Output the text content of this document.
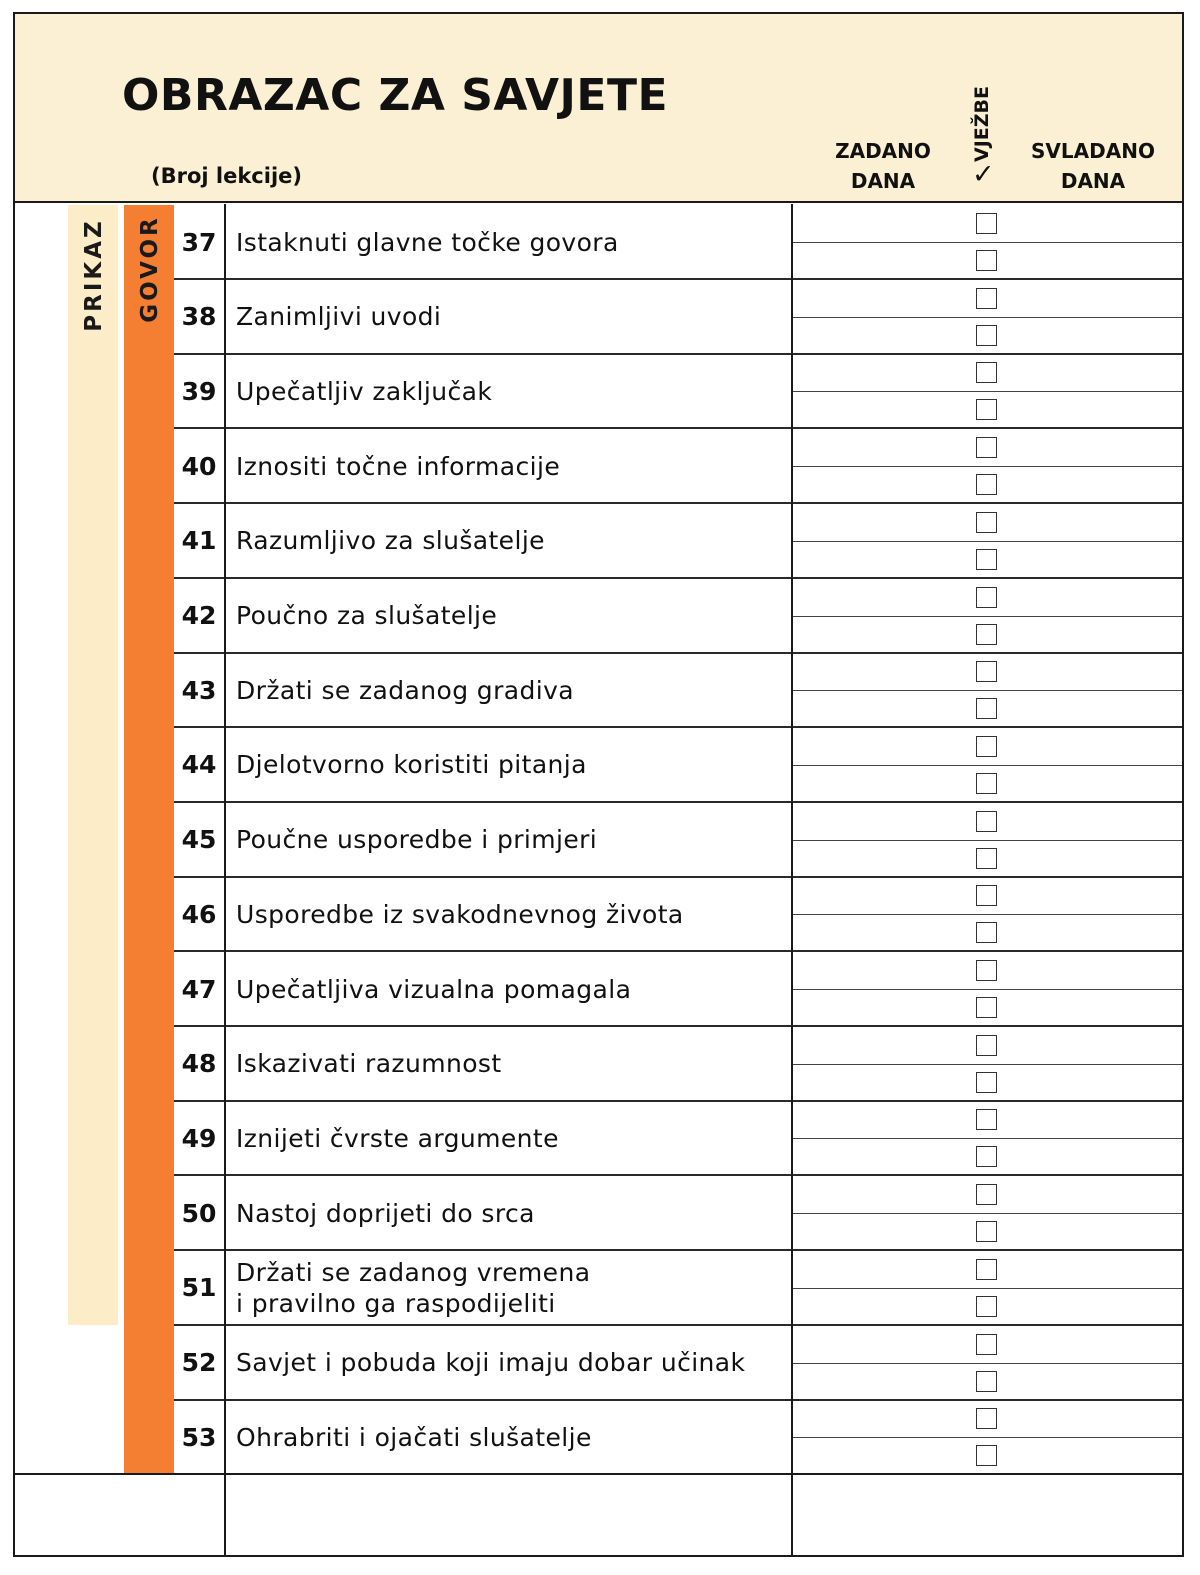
OBRAZAC ZA SAVJETE
(Broj lekcije)
ZADANO
DANA
SVLADANO
DANA
VJEŽBE
✓
PRIKAZ GOVOR 37 Istaknuti glavne točke govora
38 Zanimljivi uvodi
39 Upečatljiv zaključak
40 Iznositi točne informacije
41 Razumljivo za slušatelje
42 Poučno za slušatelje
43 Držati se zadanog gradiva
44 Djelotvorno koristiti pitanja
45 Poučne usporedbe i primjeri
46 Usporedbe iz svakodnevnog života
47 Upečatljiva vizualna pomagala
48 Iskazivati razumnost
49 Iznijeti čvrste argumente
50 Nastoj doprijeti do srca
51
Držati se zadanog vremena
i pravilno ga raspodijeliti
52 Savjet i pobuda koji imaju dobar učinak
53 Ohrabriti i ojačati slušatelje
